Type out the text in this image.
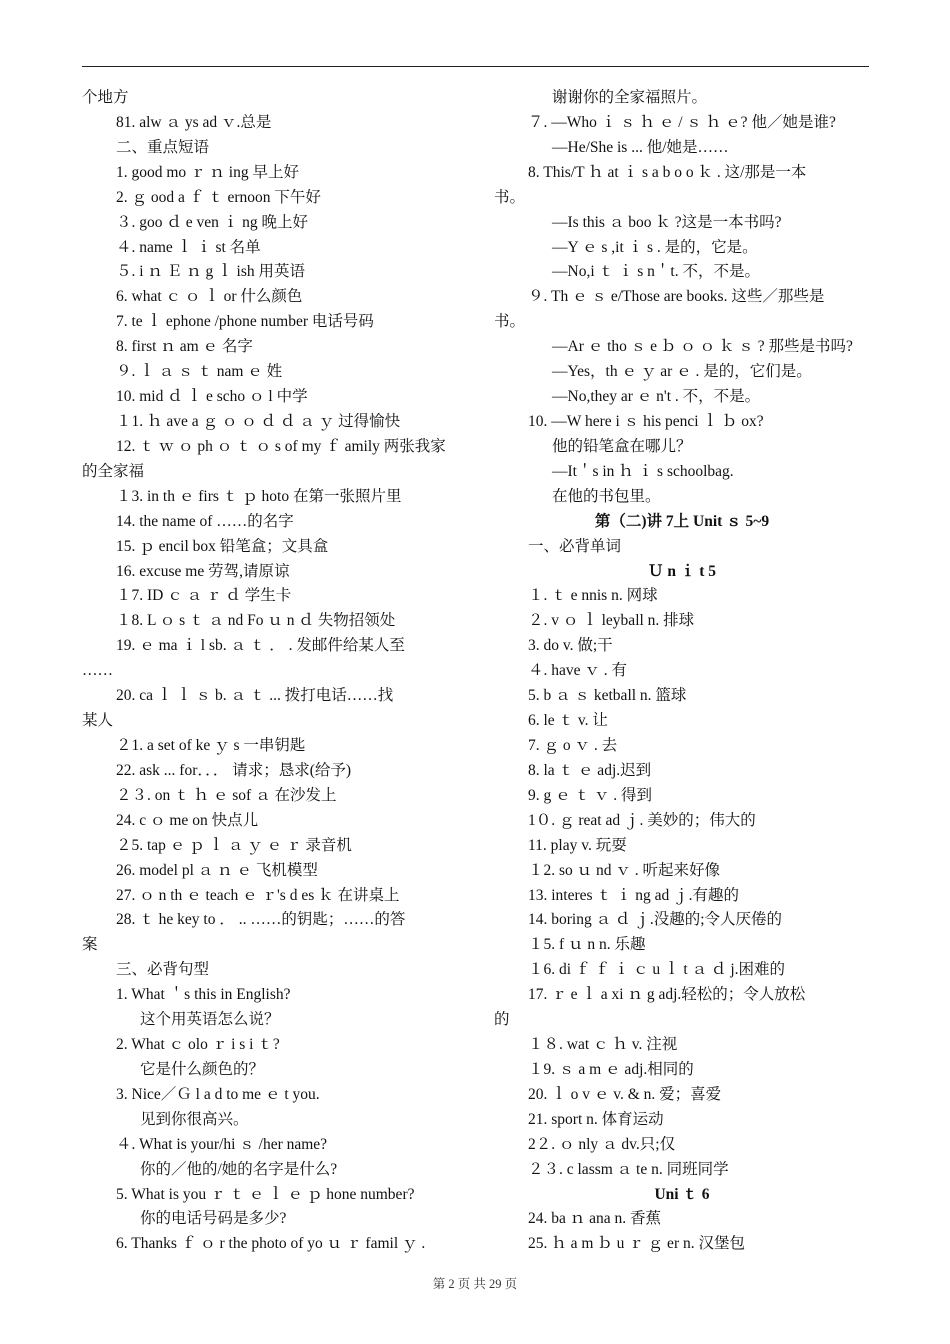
个地方
81. alw ａ ys ad ｖ.总是
二、重点短语
1. good mo ｒ ｎ ing 早上好
2. ｇ ood a ｆ ｔ ernoon 下午好
３. goo ｄ e ven ｉ ng 晚上好
４. name ｌ ｉ st 名单
５. i ｎ Ｅ ｎ g ｌ ish 用英语
6. what ｃ ｏ ｌ or 什么颜色
7. te ｌ ephone /phone number 电话号码
8. first ｎ am ｅ 名字
９. ｌ ａ ｓ ｔ nam ｅ 姓
10. mid ｄ ｌ e scho ｏ l 中学
１1. ｈ ave a ｇ ｏ ｏ ｄ ｄ ａ ｙ 过得愉快
12. ｔ ｗ ｏ ph ｏ ｔ ｏ s of my ｆ amily 两张我家
的全家福
１3. in th ｅ firs ｔ ｐ hoto 在第一张照片里
14. the name of ……的名字
15. ｐ encil box 铅笔盒；文具盒
16. excuse me 劳驾,请原谅
１7. ID ｃ ａ ｒ ｄ 学生卡
１8. L ｏ s ｔ ａ nd Fo ｕ n ｄ 失物招领处
19. ｅ ma ｉ l sb. ａ ｔ ． . 发邮件给某人至
……
20. ca ｌ ｌ ｓ b. ａ ｔ ... 拨打电话……找
某人
２1. a set of ke ｙ s 一串钥匙
22. ask ... for．．． 请求；恳求(给予)
２３. on ｔ ｈ ｅ sof ａ 在沙发上
24. c ｏ me on 快点儿
２5. tap ｅ ｐ ｌ ａ ｙ ｅ ｒ 录音机
26. model pl ａ ｎ ｅ 飞机模型
27. ｏ n th ｅ teach ｅ ｒ's d es ｋ 在讲桌上
28. ｔ he key to ． .. ……的钥匙；……的答
案
三、必背句型
1. What ＇s this in English?
这个用英语怎么说？
2. What ｃ olo ｒ i s i ｔ?
它是什么颜色的？
3. Nice／Ｇ l a d to me ｅ t you.
见到你很高兴。
４. What is your/hi ｓ /her name?
你的／他的/她的名字是什么?
5. What is you ｒ ｔ ｅ ｌ ｅ ｐ hone number?
你的电话号码是多少?
6. Thanks ｆ ｏ r the photo of yo ｕ ｒ famil ｙ .
谢谢你的全家福照片。
７. —Who ｉ ｓ ｈ ｅ / ｓ ｈ ｅ? 他／她是谁?
—He/She is ... 他/她是……
8. This/T ｈ at ｉ s a b o o ｋ . 这/那是一本
书。
—Is this ａ boo ｋ ?这是一本书吗?
—Y ｅ s ,it ｉ s . 是的，它是。
—No,i ｔ ｉ s n＇t. 不，不是。
９. Th ｅ ｓ e/Those are books. 这些／那些是
书。
—Ar ｅ tho ｓ e ｂ ｏ ｏ ｋ ｓ ? 那些是书吗?
—Yes，th ｅ ｙ ar ｅ . 是的，它们是。
—No,they ar ｅ n't . 不，不是。
10. —W here i ｓ his penci ｌ ｂ ox?
他的铅笔盒在哪儿？
—It＇s in ｈ ｉ s schoolbag.
在他的书包里。
第（二)讲 7上 Unit ｓ 5~9
一、必背单词
Ｕ n ｉ t 5
１. ｔ e nnis n. 网球
２. v ｏ ｌ leyball n. 排球
3. do v. 做;干
４. have ｖ . 有
5. b ａ ｓ ketball n. 篮球
6. le ｔ v. 让
7. ｇ o ｖ . 去
8. la ｔ ｅ adj.迟到
9. g ｅ ｔ ｖ . 得到
1０. ｇ reat ad ｊ. 美妙的；伟大的
11. play v. 玩耍
１2. so ｕ nd ｖ . 听起来好像
13. interes ｔ ｉ ng ad ｊ.有趣的
14. boring ａ ｄ ｊ.没趣的;令人厌倦的
１5. f ｕ n n. 乐趣
１6. di ｆ ｆ ｉ ｃ u ｌ t ａ ｄ j.困难的
17. ｒ e ｌ a xi ｎ g adj.轻松的；令人放松
的
１８. wat ｃ ｈ v. 注视
１9. ｓ a m ｅ adj.相同的
20. ｌ o v ｅ v. & n. 爱；喜爱
21. sport n. 体育运动
2２. ｏ nly ａ dv.只;仅
２３. c lassm ａ te n. 同班同学
Uni ｔ 6
24. ba ｎ ana n. 香蕉
25. ｈ a m ｂ u ｒ ｇ er n. 汉堡包
第 2 页 共 29 页
